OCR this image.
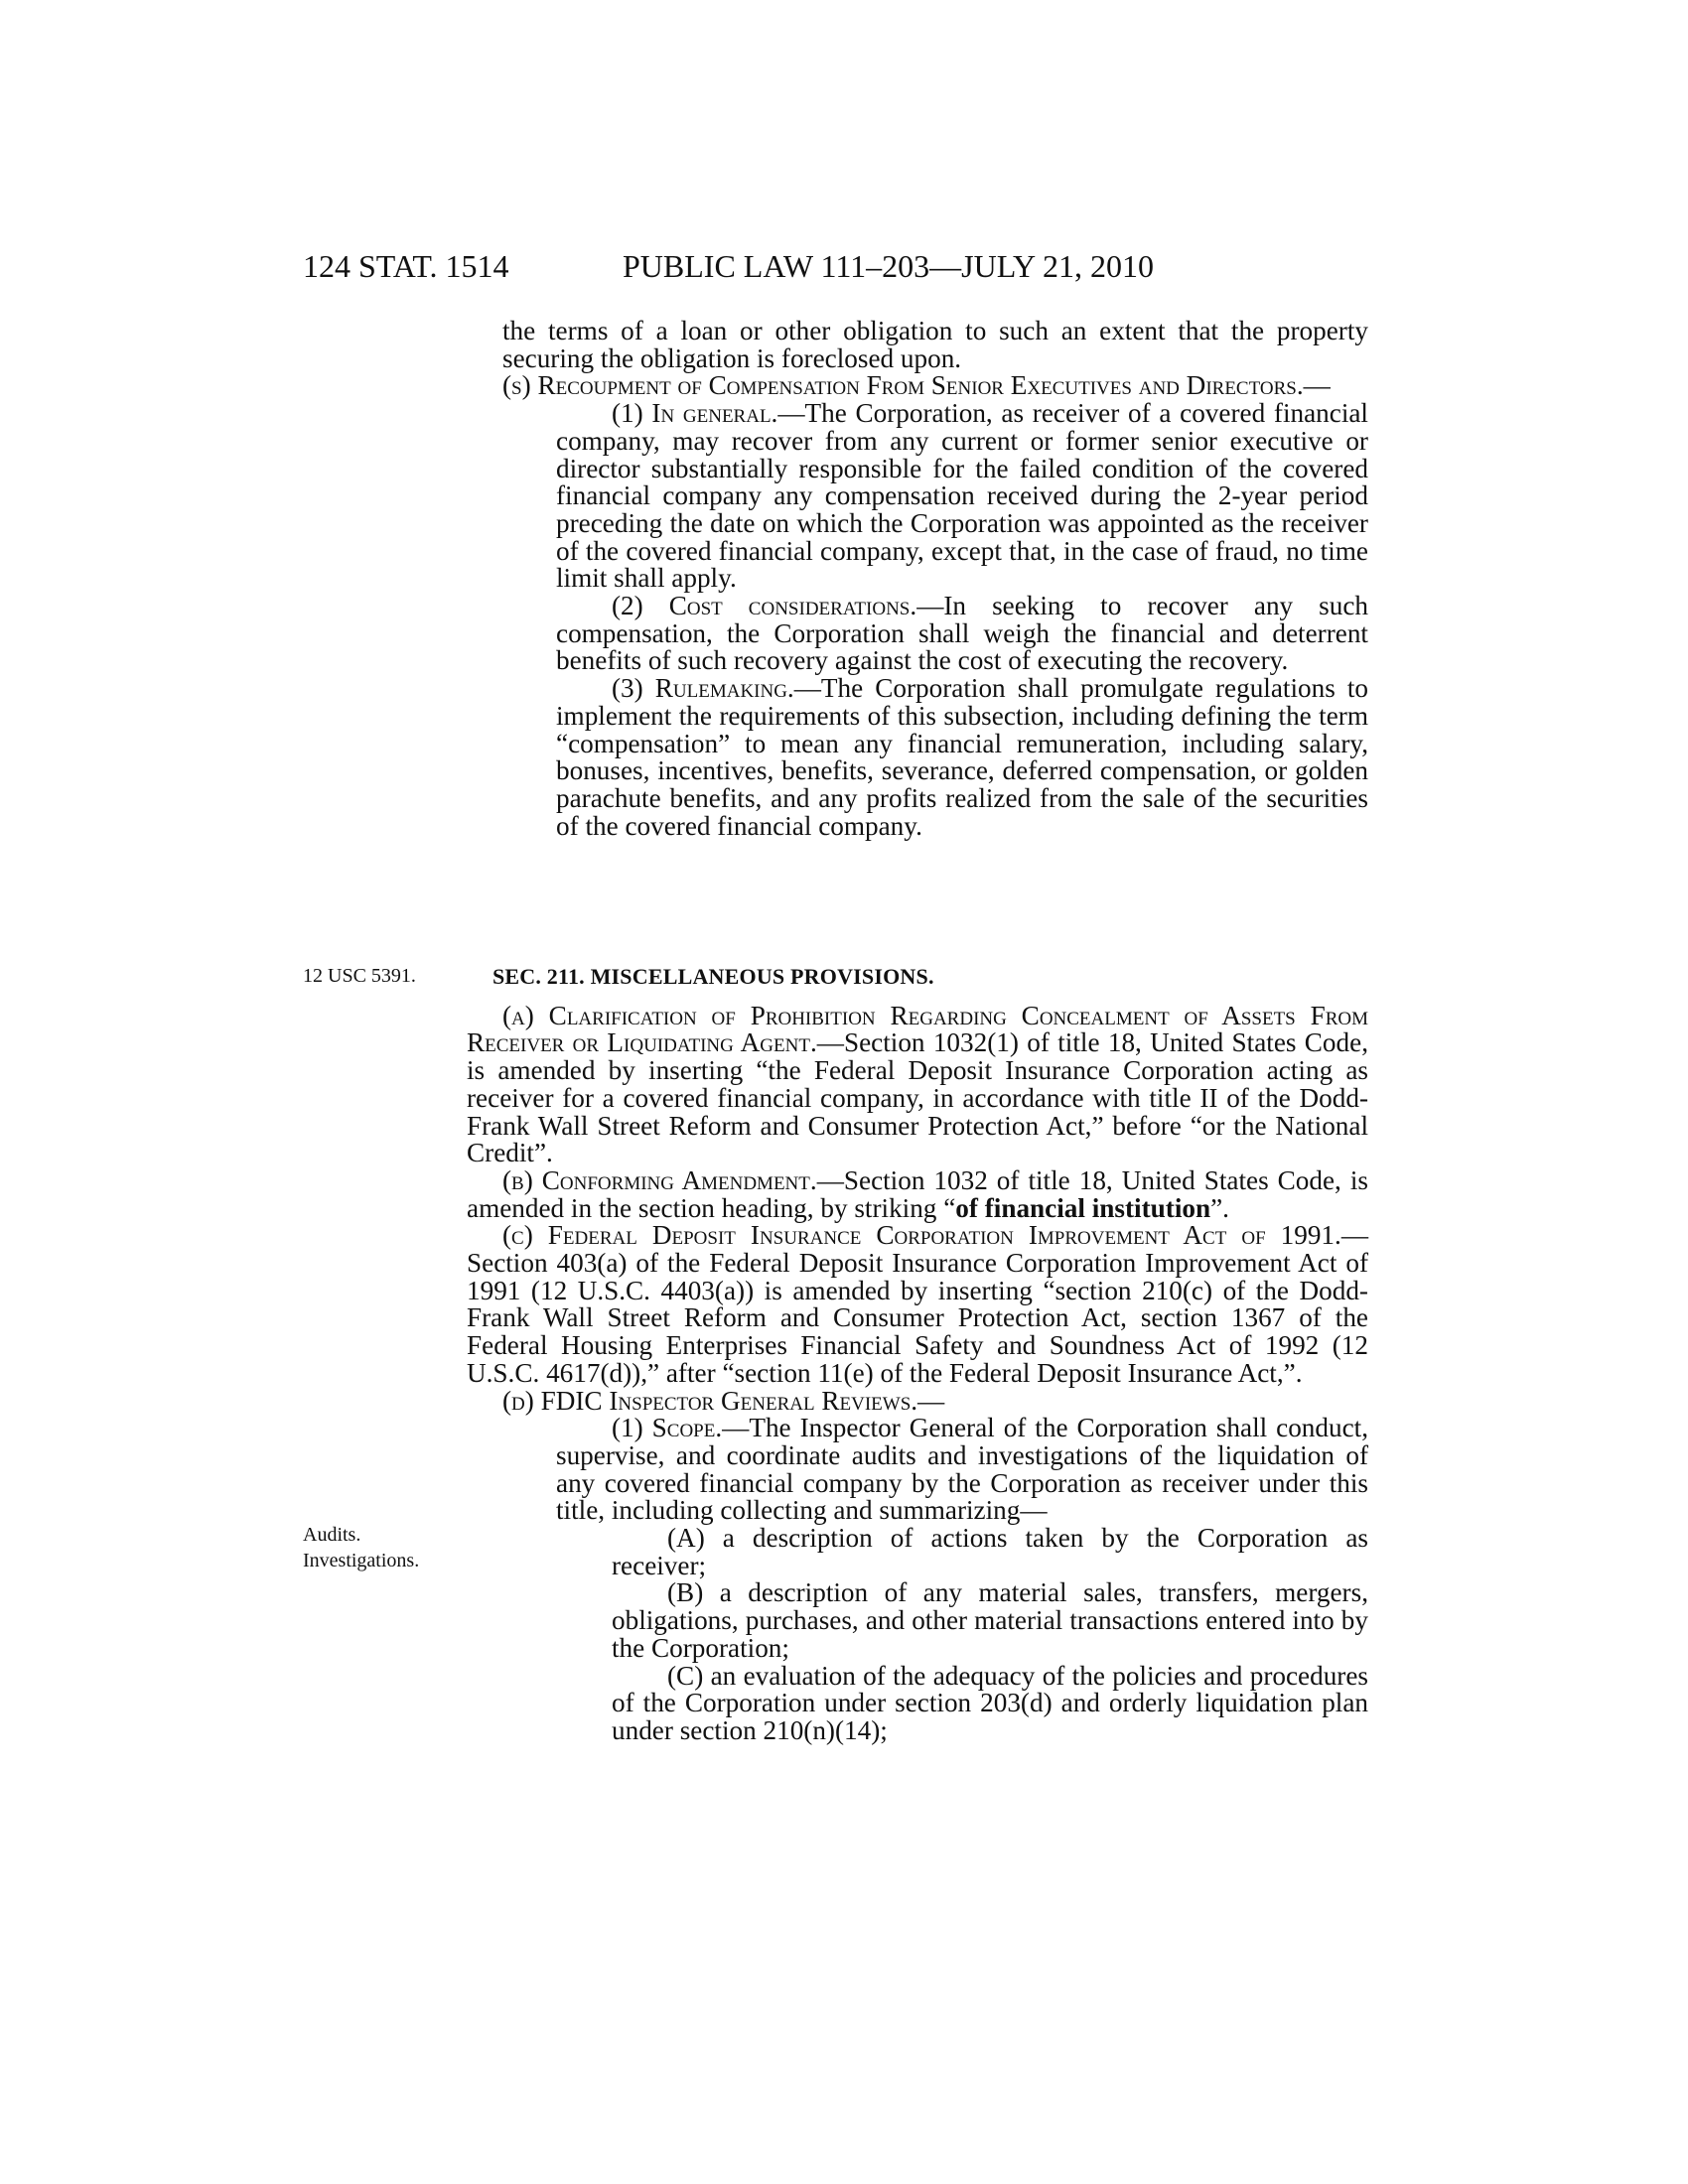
124 STAT. 1514	PUBLIC LAW 111–203—JULY 21, 2010
12 USC 5391.
Audits.
Investigations.

the terms of a loan or other obligation to such an extent that the property securing the obligation is foreclosed upon.

(s) Recoupment of Compensation From Senior Executives and Directors.—

(1) In general.—The Corporation, as receiver of a covered financial company, may recover from any current or former senior executive or director substantially responsible for the failed condition of the covered financial company any compensation received during the 2-year period preceding the date on which the Corporation was appointed as the receiver of the covered financial company, except that, in the case of fraud, no time limit shall apply.

(2) Cost considerations.—In seeking to recover any such compensation, the Corporation shall weigh the financial and deterrent benefits of such recovery against the cost of executing the recovery.

(3) Rulemaking.—The Corporation shall promulgate regulations to implement the requirements of this subsection, including defining the term “compensation” to mean any financial remuneration, including salary, bonuses, incentives, benefits, severance, deferred compensation, or golden parachute benefits, and any profits realized from the sale of the securities of the covered financial company.

SEC. 211. MISCELLANEOUS PROVISIONS.

(a) Clarification of Prohibition Regarding Concealment of Assets From Receiver or Liquidating Agent.—Section 1032(1) of title 18, United States Code, is amended by inserting “the Federal Deposit Insurance Corporation acting as receiver for a covered financial company, in accordance with title II of the Dodd-Frank Wall Street Reform and Consumer Protection Act,” before “or the National Credit”.

(b) Conforming Amendment.—Section 1032 of title 18, United States Code, is amended in the section heading, by striking “of financial institution”.

(c) Federal Deposit Insurance Corporation Improvement Act of 1991.—Section 403(a) of the Federal Deposit Insurance Corporation Improvement Act of 1991 (12 U.S.C. 4403(a)) is amended by inserting “section 210(c) of the Dodd-Frank Wall Street Reform and Consumer Protection Act, section 1367 of the Federal Housing Enterprises Financial Safety and Soundness Act of 1992 (12 U.S.C. 4617(d)),” after “section 11(e) of the Federal Deposit Insurance Act,”.

(d) FDIC Inspector General Reviews.—

(1) Scope.—The Inspector General of the Corporation shall conduct, supervise, and coordinate audits and investigations of the liquidation of any covered financial company by the Corporation as receiver under this title, including collecting and summarizing—

(A) a description of actions taken by the Corporation as receiver;

(B) a description of any material sales, transfers, mergers, obligations, purchases, and other material transactions entered into by the Corporation;

(C) an evaluation of the adequacy of the policies and procedures of the Corporation under section 203(d) and orderly liquidation plan under section 210(n)(14);
